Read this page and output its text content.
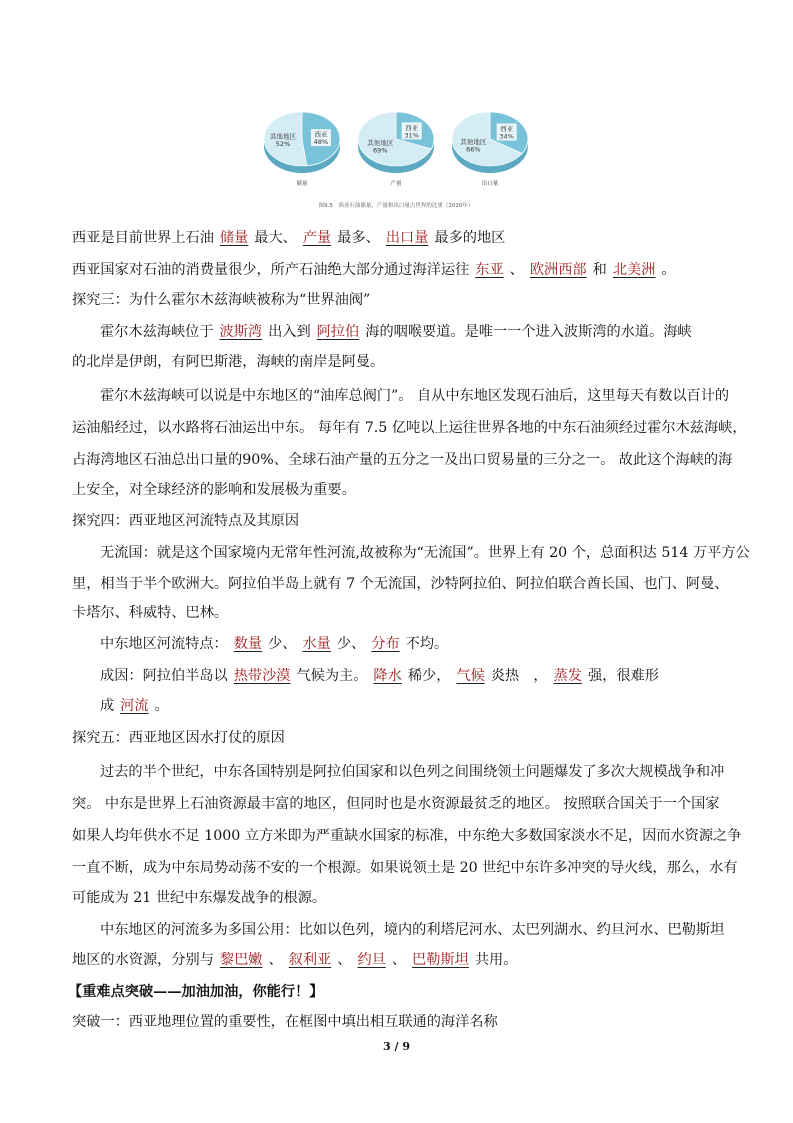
西亚
48%
其他地区
52%
储量
西亚
31%
其他地区
69%
产量
西亚
34%
其他地区
66%
出口量
图9.5　西亚石油储量、产量和出口量占世界的比重（2020年）
西亚是目前世界上石油 储量 最大、 产量 最多、 出口量 最多的地区
西亚国家对石油的消费量很少，所产石油绝大部分通过海洋运往 东亚 、 欧洲西部 和 北美洲 。
探究三：为什么霍尔木兹海峡被称为“世界油阀”
霍尔木兹海峡位于 波斯湾 出入到 阿拉伯 海的咽喉要道。是唯一一个进入波斯湾的水道。海峡
的北岸是伊朗，有阿巴斯港，海峡的南岸是阿曼。
霍尔木兹海峡可以说是中东地区的“油库总阀门”。 自从中东地区发现石油后，这里每天有数以百计的
运油船经过，以水路将石油运出中东。 每年有 7.5 亿吨以上运往世界各地的中东石油须经过霍尔木兹海峡，
占海湾地区石油总出口量的90%、全球石油产量的五分之一及出口贸易量的三分之一。 故此这个海峡的海
上安全，对全球经济的影响和发展极为重要。
探究四：西亚地区河流特点及其原因
无流国：就是这个国家境内无常年性河流,故被称为“无流国”。世界上有 20 个，总面积达 514 万平方公
里，相当于半个欧洲大。阿拉伯半岛上就有 7 个无流国，沙特阿拉伯、阿拉伯联合酋长国、也门、阿曼、
卡塔尔、科威特、巴林。
中东地区河流特点： 数量 少、 水量 少、 分布 不均。
成因：阿拉伯半岛以 热带沙漠 气候为主。 降水 稀少， 气候 炎热　， 蒸发 强，很难形
成 河流 。
探究五：西亚地区因水打仗的原因
过去的半个世纪，中东各国特别是阿拉伯国家和以色列之间围绕领土问题爆发了多次大规模战争和冲
突。 中东是世界上石油资源最丰富的地区，但同时也是水资源最贫乏的地区。 按照联合国关于一个国家
如果人均年供水不足 1000 立方米即为严重缺水国家的标准，中东绝大多数国家淡水不足，因而水资源之争
一直不断，成为中东局势动荡不安的一个根源。如果说领土是 20 世纪中东许多冲突的导火线，那么，水有
可能成为 21 世纪中东爆发战争的根源。
中东地区的河流多为多国公用：比如以色列，境内的利塔尼河水、太巴列湖水、约旦河水、巴勒斯坦
地区的水资源，分别与 黎巴嫩 、 叙利亚 、 约旦 、 巴勒斯坦 共用。
【重难点突破——加油加油，你能行！】
突破一：西亚地理位置的重要性，在框图中填出相互联通的海洋名称
3 / 9
